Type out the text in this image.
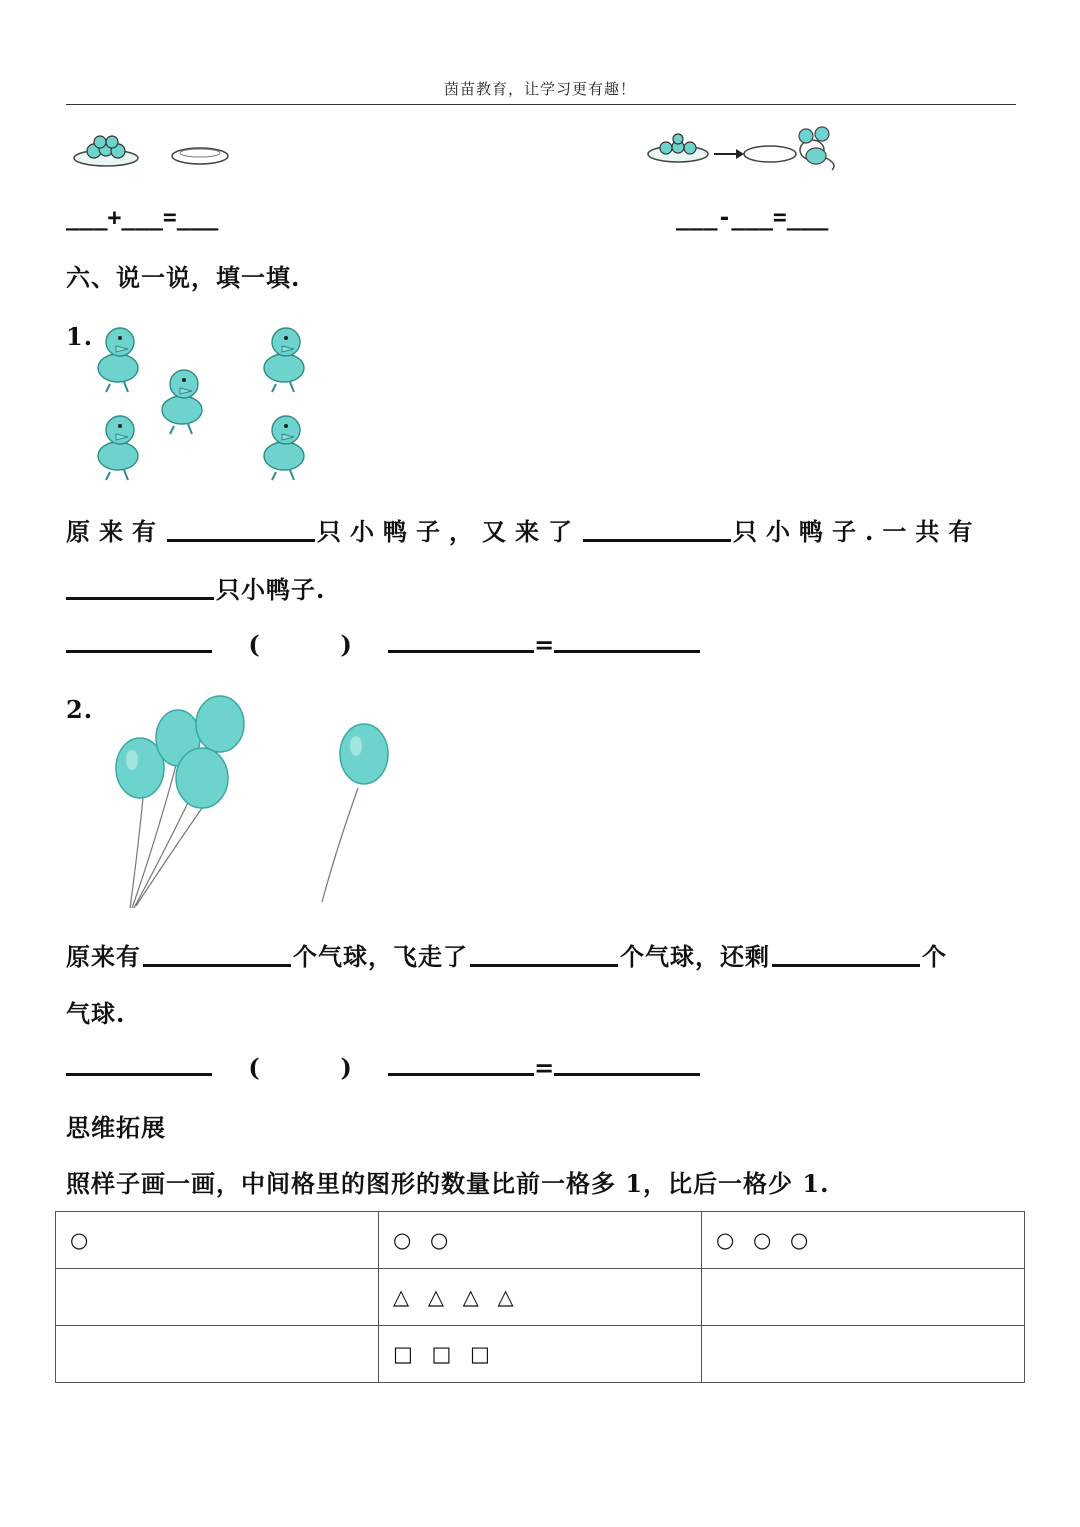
茵苗教育，让学习更有趣！
___+___=___	___-___=___
六、说一说，填一填.
1.
原来有	只小鸭子，又来了	只小鸭子.一共有
只小鸭子.
(	)	=
2.
原来有	个气球，飞走了	个气球，还剩	个
气球.
(	)	=
思维拓展
照样子画一画，中间格里的图形的数量比前一格多 1，比后一格少 1.
○	○ ○	○ ○ ○
	△ △ △ △	
	□ □ □	
